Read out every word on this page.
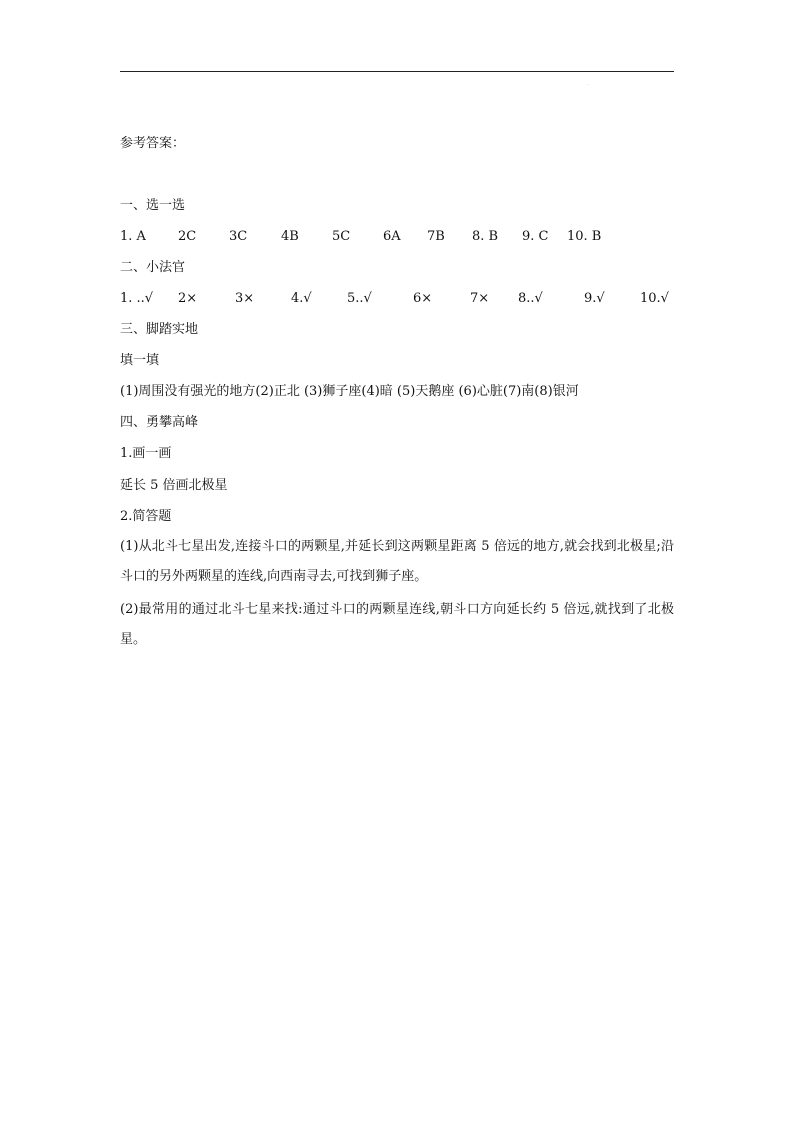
.
参考答案：
一、选一选
1. A 2C	3C	4B	5C	6A 7B 8. B 9. C 10. B
二、小法官
1. ..√ 2×	3×	4.√	5..√	6×	7× 8..√	9.√	10.√
三、脚踏实地
填一填
(1)周围没有强光的地方(2)正北 (3)狮子座(4)暗 (5)天鹅座 (6)心脏(7)南(8)银河
四、勇攀高峰
1.画一画
延长 5 倍画北极星
2.简答题
(1)从北斗七星出发,连接斗口的两颗星,并延长到这两颗星距离 5 倍远的地方,就会找到北极星;沿斗口的另外两颗星的连线,向西南寻去,可找到狮子座。
(2)最常用的通过北斗七星来找:通过斗口的两颗星连线,朝斗口方向延长约 5 倍远,就找到了北极星。
